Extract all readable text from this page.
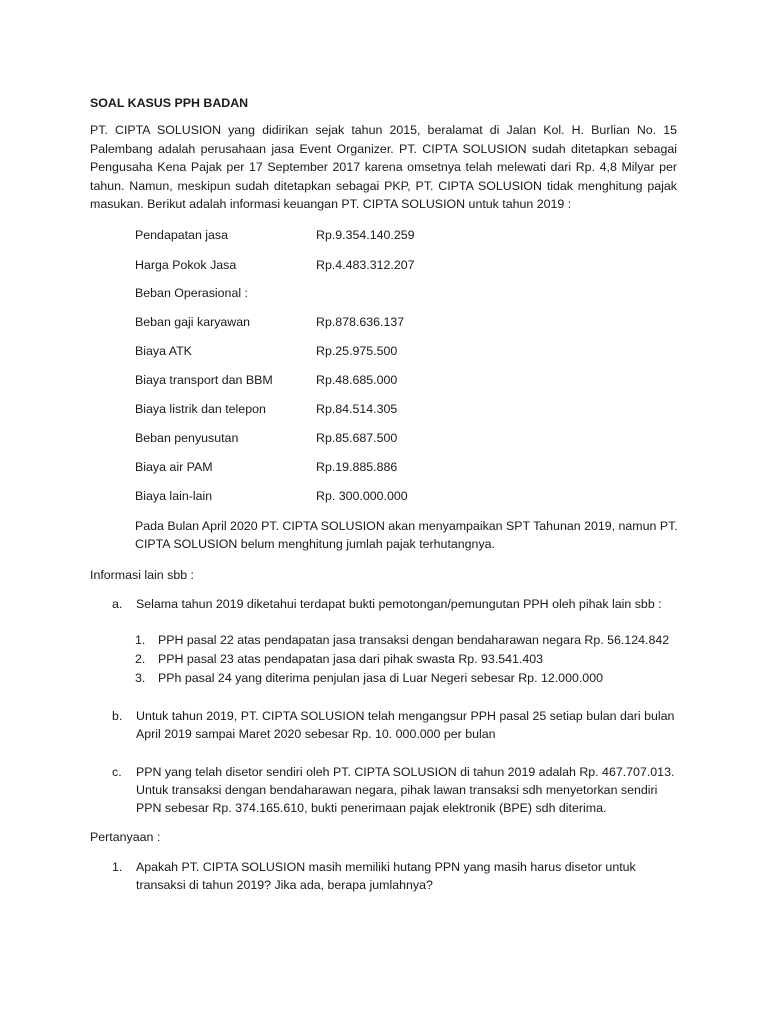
SOAL KASUS PPH BADAN

PT. CIPTA SOLUSION yang didirikan sejak tahun 2015, beralamat di Jalan Kol. H. Burlian No. 15 Palembang adalah perusahaan jasa Event Organizer. PT. CIPTA SOLUSION sudah ditetapkan sebagai Pengusaha Kena Pajak per 17 September 2017 karena omsetnya telah melewati dari Rp. 4,8 Milyar per tahun. Namun, meskipun sudah ditetapkan sebagai PKP, PT. CIPTA SOLUSION tidak menghitung pajak masukan. Berikut adalah informasi keuangan PT. CIPTA SOLUSION untuk tahun 2019 :

Pendapatan jasa	Rp.9.354.140.259
Harga Pokok Jasa	Rp.4.483.312.207
Beban Operasional :
Beban gaji karyawan	Rp.878.636.137
Biaya ATK	Rp.25.975.500
Biaya transport dan BBM	Rp.48.685.000
Biaya listrik dan telepon	Rp.84.514.305
Beban penyusutan	Rp.85.687.500
Biaya air PAM	Rp.19.885.886
Biaya lain-lain	Rp. 300.000.000

Pada Bulan April 2020 PT. CIPTA SOLUSION akan menyampaikan SPT Tahunan 2019, namun PT. CIPTA SOLUSION belum menghitung jumlah pajak terhutangnya.

Informasi lain sbb :

a. Selama tahun 2019 diketahui terdapat bukti pemotongan/pemungutan PPH oleh pihak lain sbb :

1. PPH pasal 22 atas pendapatan jasa transaksi dengan bendaharawan negara Rp. 56.124.842
2. PPH pasal 23 atas pendapatan jasa dari pihak swasta Rp. 93.541.403
3. PPh pasal 24 yang diterima penjulan jasa di Luar Negeri sebesar Rp. 12.000.000
b. Untuk tahun 2019, PT. CIPTA SOLUSION telah mengangsur PPH pasal 25 setiap bulan dari bulan April 2019 sampai Maret 2020 sebesar Rp. 10. 000.000 per bulan

c. PPN yang telah disetor sendiri oleh PT. CIPTA SOLUSION di tahun 2019 adalah Rp. 467.707.013. Untuk transaksi dengan bendaharawan negara, pihak lawan transaksi sdh menyetorkan sendiri PPN sebesar Rp. 374.165.610, bukti penerimaan pajak elektronik (BPE) sdh diterima.

Pertanyaan :

1. Apakah PT. CIPTA SOLUSION masih memiliki hutang PPN yang masih harus disetor untuk transaksi di tahun 2019? Jika ada, berapa jumlahnya?
